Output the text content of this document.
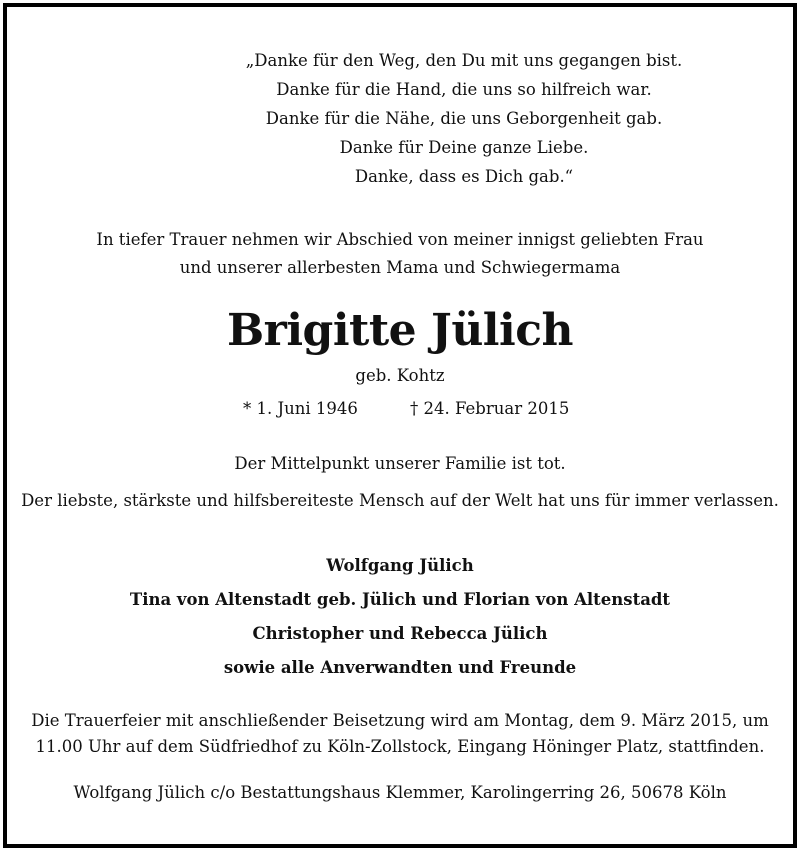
„Danke für den Weg, den Du mit uns gegangen bist.
Danke für die Hand, die uns so hilfreich war.
Danke für die Nähe, die uns Geborgenheit gab.
Danke für Deine ganze Liebe.
Danke, dass es Dich gab.“
In tiefer Trauer nehmen wir Abschied von meiner innigst geliebten Frau
und unserer allerbesten Mama und Schwiegermama
Brigitte Jülich
geb. Kohtz
* 1. Juni 1946	† 24. Februar 2015
Der Mittelpunkt unserer Familie ist tot.
Der liebste, stärkste und hilfsbereiteste Mensch auf der Welt hat uns für immer verlassen.
Wolfgang Jülich
Tina von Altenstadt geb. Jülich und Florian von Altenstadt
Christopher und Rebecca Jülich
sowie alle Anverwandten und Freunde
Die Trauerfeier mit anschließender Beisetzung wird am Montag, dem 9. März 2015, um
11.00 Uhr auf dem Südfriedhof zu Köln-Zollstock, Eingang Höninger Platz, stattfinden.
Wolfgang Jülich c/o Bestattungshaus Klemmer, Karolingerring 26, 50678 Köln
